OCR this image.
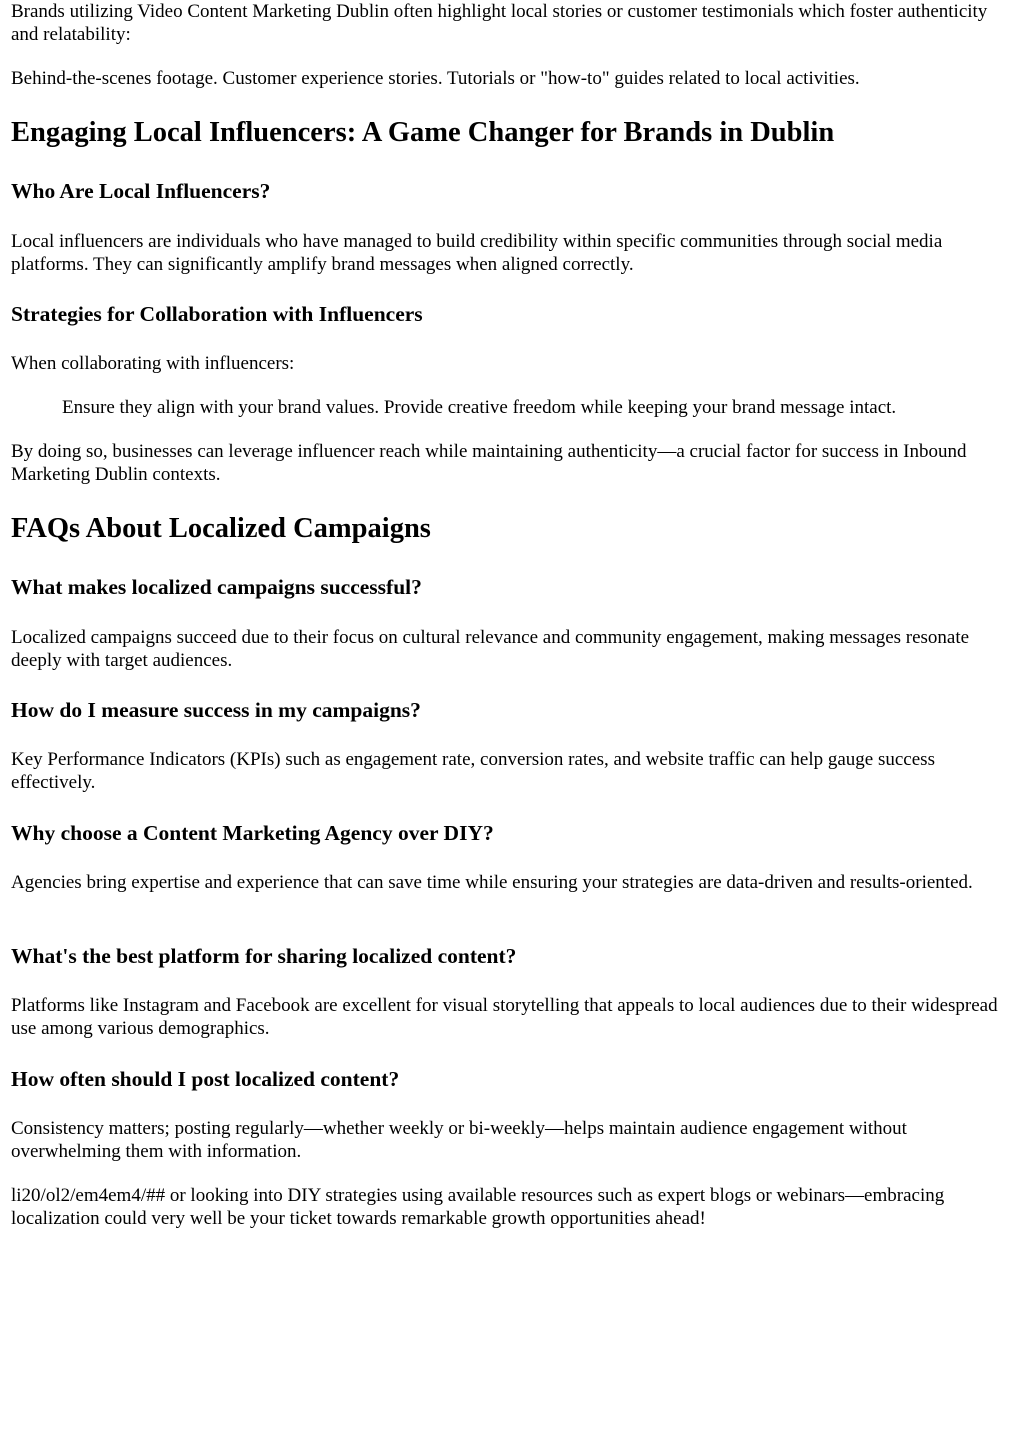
Brands utilizing Video Content Marketing Dublin often highlight local stories or customer testimonials which foster authenticity and relatability:

Behind-the-scenes footage. Customer experience stories. Tutorials or "how-to" guides related to local activities.

Engaging Local Influencers: A Game Changer for Brands in Dublin
Who Are Local Influencers?

Local influencers are individuals who have managed to build credibility within specific communities through social media platforms. They can significantly amplify brand messages when aligned correctly.

Strategies for Collaboration with Influencers

When collaborating with influencers:

Ensure they align with your brand values. Provide creative freedom while keeping your brand message intact.

By doing so, businesses can leverage influencer reach while maintaining authenticity—a crucial factor for success in Inbound Marketing Dublin contexts.

FAQs About Localized Campaigns
What makes localized campaigns successful?

Localized campaigns succeed due to their focus on cultural relevance and community engagement, making messages resonate deeply with target audiences.

How do I measure success in my campaigns?

Key Performance Indicators (KPIs) such as engagement rate, conversion rates, and website traffic can help gauge success effectively.

Why choose a Content Marketing Agency over DIY?

Agencies bring expertise and experience that can save time while ensuring your strategies are data-driven and results-oriented.

What's the best platform for sharing localized content?

Platforms like Instagram and Facebook are excellent for visual storytelling that appeals to local audiences due to their widespread use among various demographics.

How often should I post localized content?

Consistency matters; posting regularly—whether weekly or bi-weekly—helps maintain audience engagement without overwhelming them with information.

li20/ol2/em4em4/## or looking into DIY strategies using available resources such as expert blogs or webinars—embracing localization could very well be your ticket towards remarkable growth opportunities ahead!
